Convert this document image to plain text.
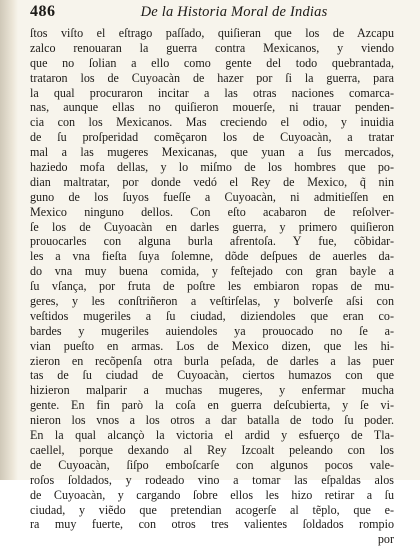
486	De la Historia Moral de Indias
ſtos viſto el eſtrago paſſado, quiſieran que los de Azcapu
zalco renouaran la guerra contra Mexicanos, y viendo
que no ſolian a ello como gente del todo quebrantada,
trataron los de Cuyoacàn de hazer por ſi la guerra, para
la qual procuraron incitar a las otras naciones comarca-
nas, aunque ellas no quiſieron mouerſe, ni trauar penden-
cia con los Mexicanos. Mas creciendo el odio, y inuidia
de ſu proſperidad comẽçaron los de Cuyoacàn, a tratar
mal a las mugeres Mexicanas, que yuan a ſus mercados,
haziedo mofa dellas, y lo miſmo de los hombres que po-
dian maltratar, por donde vedó el Rey de Mexico, q̃ nin
guno de los ſuyos fueſſe a Cuyoacàn, ni admitieſſen en
Mexico ninguno dellos. Con eſto acabaron de reſolver-
ſe los de Cuyoacàn en darles guerra, y primero quiſieron
prouocarles con alguna burla afrentoſa. Y fue, cõbidar-
les a vna fieſta ſuya ſolemne, dõde deſpues de auerles da-
do vna muy buena comida, y feſtejado con gran bayle a
ſu vſança, por fruta de poſtre les embiaron ropas de mu-
geres, y les conſtriñeron a veſtirſelas, y bolverſe aſsi con
veſtidos mugeriles a ſu ciudad, diziendoles que eran co-
bardes y mugeriles auiendoles ya prouocado no ſe a-
vian pueſto en armas. Los de Mexico dizen, que les hi-
zieron en recõpenſa otra burla peſada, de darles a las puer
tas de ſu ciudad de Cuyoacàn, ciertos humazos con que
hizieron malparir a muchas mugeres, y enfermar mucha
gente. En fin parò la coſa en guerra deſcubierta, y ſe vi-
nieron los vnos a los otros a dar batalla de todo ſu poder.
En la qual alcançò la victoria el ardid y esfuerço de Tla-
caellel, porque dexando al Rey Izcoalt peleando con los
de Cuyoacàn, ſiſpo emboſcarſe con algunos pocos vale-
roſos ſoldados, y rodeado vino a tomar las eſpaldas alos
de Cuyoacàn, y cargando ſobre ellos les hizo retirar a ſu
ciudad, y viẽdo que pretendian acogerſe al tẽplo, que e-
ra muy fuerte, con otros tres valientes ſoldados rompio
por
